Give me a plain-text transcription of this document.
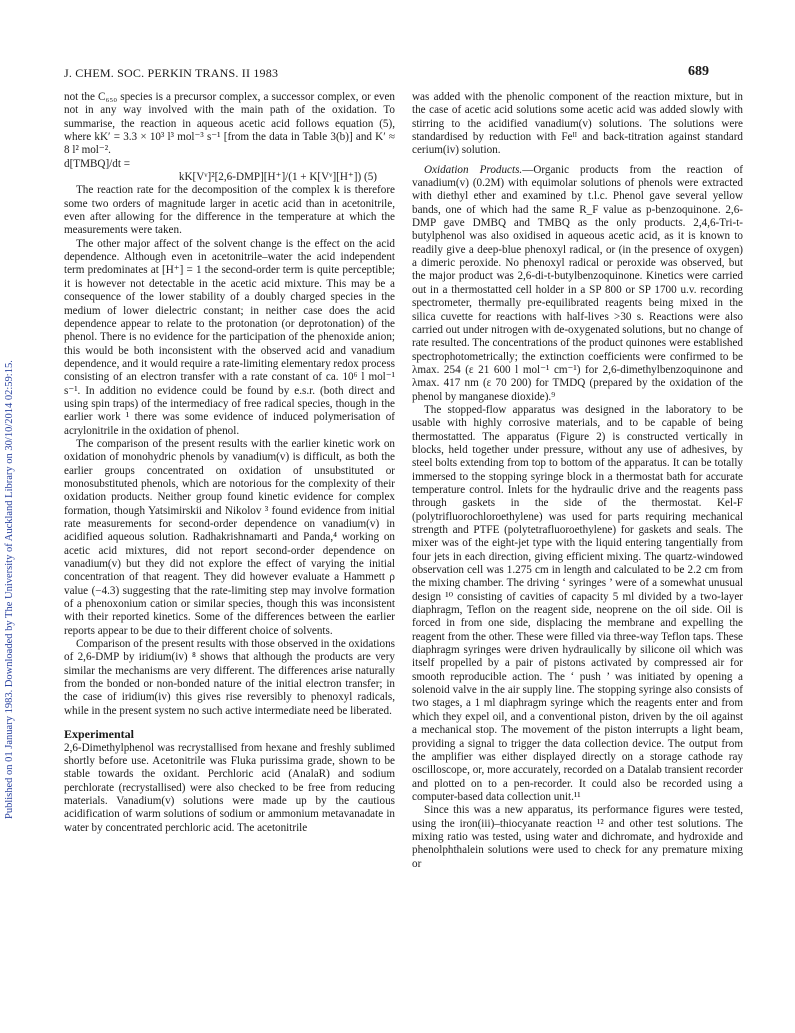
Published on 01 January 1983. Downloaded by The University of Auckland Library on 30/10/2014 02:59:15.
J. CHEM. SOC. PERKIN TRANS. II 1983	689

not the C₆₅₀ species is a precursor complex, a successor complex, or even not in any way involved with the main path of the oxidation. To summarise, the reaction in aqueous acetic acid follows equation (5), where kK′ = 3.3 × 10³ l³ mol⁻³ s⁻¹ [from the data in Table 3(b)] and K′ ≈ 8 l² mol⁻².

d[TMBQ]/dt =

kK[Vᵛ]²[2,6-DMP][H⁺]/(1 + K[Vᵛ][H⁺]) (5)

The reaction rate for the decomposition of the complex k is therefore some two orders of magnitude larger in acetic acid than in acetonitrile, even after allowing for the difference in the temperature at which the measurements were taken.

The other major affect of the solvent change is the effect on the acid dependence. Although even in acetonitrile–water the acid independent term predominates at [H⁺] = 1 the second-order term is quite perceptible; it is however not detectable in the acetic acid mixture. This may be a consequence of the lower stability of a doubly charged species in the medium of lower dielectric constant; in neither case does the acid dependence appear to relate to the protonation (or deprotonation) of the phenol. There is no evidence for the participation of the phenoxide anion; this would be both inconsistent with the observed acid and vanadium dependence, and it would require a rate-limiting elementary redox process consisting of an electron transfer with a rate constant of ca. 10⁶ l mol⁻¹ s⁻¹. In addition no evidence could be found by e.s.r. (both direct and using spin traps) of the intermediacy of free radical species, though in the earlier work ¹ there was some evidence of induced polymerisation of acrylonitrile in the oxidation of phenol.

The comparison of the present results with the earlier kinetic work on oxidation of monohydric phenols by vanadium(v) is difficult, as both the earlier groups concentrated on oxidation of unsubstituted or monosubstituted phenols, which are notorious for the complexity of their oxidation products. Neither group found kinetic evidence for complex formation, though Yatsimirskii and Nikolov ³ found evidence from initial rate measurements for second-order dependence on vanadium(v) in acidified aqueous solution. Radhakrishnamarti and Panda,⁴ working on acetic acid mixtures, did not report second-order dependence on vanadium(v) but they did not explore the effect of varying the initial concentration of that reagent. They did however evaluate a Hammett ρ value (−4.3) suggesting that the rate-limiting step may involve formation of a phenoxonium cation or similar species, though this was inconsistent with their reported kinetics. Some of the differences between the earlier reports appear to be due to their different choice of solvents.

Comparison of the present results with those observed in the oxidations of 2,6-DMP by iridium(iv) ⁸ shows that although the products are very similar the mechanisms are very different. The differences arise naturally from the bonded or non-bonded nature of the initial electron transfer; in the case of iridium(iv) this gives rise reversibly to phenoxyl radicals, while in the present system no such active intermediate need be liberated.

Experimental

2,6-Dimethylphenol was recrystallised from hexane and freshly sublimed shortly before use. Acetonitrile was Fluka purissima grade, shown to be stable towards the oxidant. Perchloric acid (AnalaR) and sodium perchlorate (recrystallised) were also checked to be free from reducing materials. Vanadium(v) solutions were made up by the cautious acidification of warm solutions of sodium or ammonium metavanadate in water by concentrated perchloric acid. The acetonitrile

was added with the phenolic component of the reaction mixture, but in the case of acetic acid solutions some acetic acid was added slowly with stirring to the acidified vanadium(v) solutions. The solutions were standardised by reduction with Feᴵᴵ and back-titration against standard cerium(iv) solution.

Oxidation Products.—Organic products from the reaction of vanadium(v) (0.2M) with equimolar solutions of phenols were extracted with diethyl ether and examined by t.l.c. Phenol gave several yellow bands, one of which had the same R_F value as p-benzoquinone. 2,6-DMP gave DMBQ and TMBQ as the only products. 2,4,6-Tri-t-butylphenol was also oxidised in aqueous acetic acid, as it is known to readily give a deep-blue phenoxyl radical, or (in the presence of oxygen) a dimeric peroxide. No phenoxyl radical or peroxide was observed, but the major product was 2,6-di-t-butylbenzoquinone. Kinetics were carried out in a thermostatted cell holder in a SP 800 or SP 1700 u.v. recording spectrometer, thermally pre-equilibrated reagents being mixed in the silica cuvette for reactions with half-lives >30 s. Reactions were also carried out under nitrogen with de-oxygenated solutions, but no change of rate resulted. The concentrations of the product quinones were established spectrophotometrically; the extinction coefficients were confirmed to be λmax. 254 (ε 21 600 l mol⁻¹ cm⁻¹) for 2,6-dimethylbenzoquinone and λmax. 417 nm (ε 70 200) for TMDQ (prepared by the oxidation of the phenol by manganese dioxide).⁹

The stopped-flow apparatus was designed in the laboratory to be usable with highly corrosive materials, and to be capable of being thermostatted. The apparatus (Figure 2) is constructed vertically in blocks, held together under pressure, without any use of adhesives, by steel bolts extending from top to bottom of the apparatus. It can be totally immersed to the stopping syringe block in a thermostat bath for accurate temperature control. Inlets for the hydraulic drive and the reagents pass through gaskets in the side of the thermostat. Kel-F (polytrifluorochloroethylene) was used for parts requiring mechanical strength and PTFE (polytetrafluoroethylene) for gaskets and seals. The mixer was of the eight-jet type with the liquid entering tangentially from four jets in each direction, giving efficient mixing. The quartz-windowed observation cell was 1.275 cm in length and calculated to be 2.2 cm from the mixing chamber. The driving ‘ syringes ’ were of a somewhat unusual design ¹⁰ consisting of cavities of capacity 5 ml divided by a two-layer diaphragm, Teflon on the reagent side, neoprene on the oil side. Oil is forced in from one side, displacing the membrane and expelling the reagent from the other. These were filled via three-way Teflon taps. These diaphragm syringes were driven hydraulically by silicone oil which was itself propelled by a pair of pistons activated by compressed air for smooth reproducible action. The ‘ push ’ was initiated by opening a solenoid valve in the air supply line. The stopping syringe also consists of two stages, a 1 ml diaphragm syringe which the reagents enter and from which they expel oil, and a conventional piston, driven by the oil against a mechanical stop. The movement of the piston interrupts a light beam, providing a signal to trigger the data collection device. The output from the amplifier was either displayed directly on a storage cathode ray oscilloscope, or, more accurately, recorded on a Datalab transient recorder and plotted on to a pen-recorder. It could also be recorded using a computer-based data collection unit.¹¹

Since this was a new apparatus, its performance figures were tested, using the iron(iii)–thiocyanate reaction ¹² and other test solutions. The mixing ratio was tested, using water and dichromate, and hydroxide and phenolphthalein solutions were used to check for any premature mixing or
